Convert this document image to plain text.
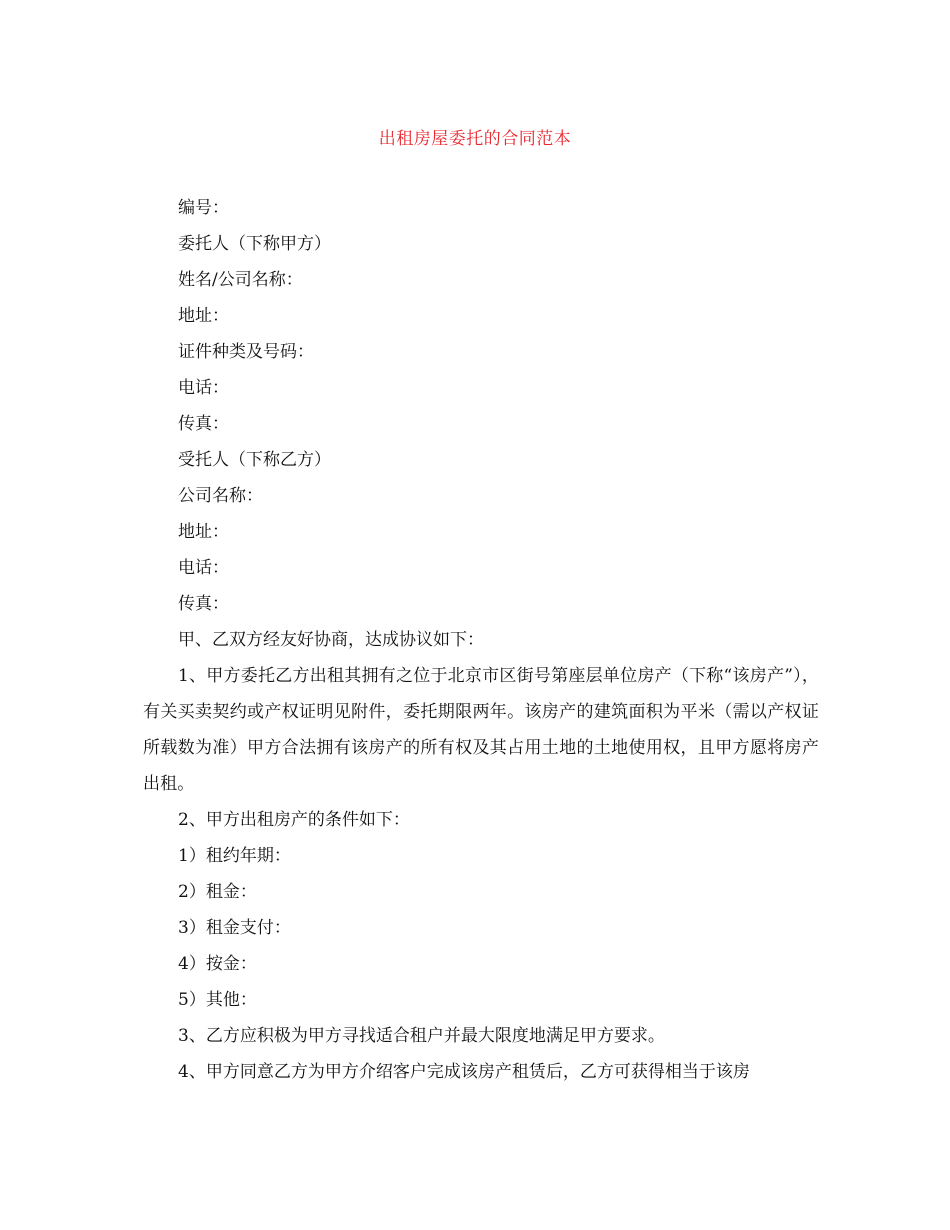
出租房屋委托的合同范本

编号：

委托人（下称甲方）

姓名/公司名称：

地址：

证件种类及号码：

电话：

传真：

受托人（下称乙方）

公司名称：

地址：

电话：

传真：

甲、乙双方经友好协商，达成协议如下：

1、甲方委托乙方出租其拥有之位于北京市区街号第座层单位房产（下称“该房产”），有关买卖契约或产权证明见附件，委托期限两年。该房产的建筑面积为平米（需以产权证所载数为准）甲方合法拥有该房产的所有权及其占用土地的土地使用权，且甲方愿将房产出租。

2、甲方出租房产的条件如下：

1）租约年期：

2）租金：

3）租金支付：

4）按金：

5）其他：

3、乙方应积极为甲方寻找适合租户并最大限度地满足甲方要求。

4、甲方同意乙方为甲方介绍客户完成该房产租赁后，乙方可获得相当于该房
